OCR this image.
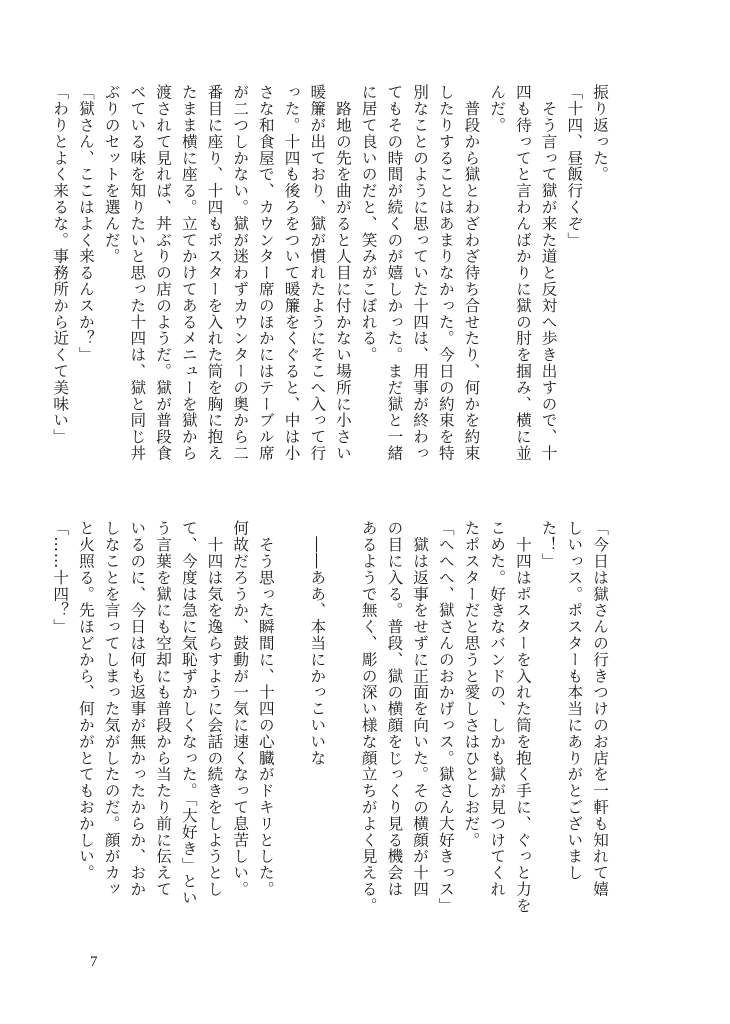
振り返った。
「十四、昼飯行くぞ」
　そう言って獄が来た道と反対へ歩き出すので、十
四も待ってと言わんばかりに獄の肘を掴み、横に並
んだ。
　普段から獄とわざわざ待ち合せたり、何かを約束
したりすることはあまりなかった。今日の約束を特
別なことのように思っていた十四は、用事が終わっ
てもその時間が続くのが嬉しかった。まだ獄と一緒
に居て良いのだと、笑みがこぼれる。
　路地の先を曲がると人目に付かない場所に小さい
暖簾が出ており、獄が慣れたようにそこへ入って行
った。十四も後ろをついて暖簾をくぐると、中は小
さな和食屋で、カウンター席のほかにはテーブル席
が二つしかない。獄が迷わずカウンターの奥から二
番目に座り、十四もポスターを入れた筒を胸に抱え
たまま横に座る。立てかけてあるメニューを獄から
渡されて見れば、丼ぶりの店のようだ。獄が普段食
べている味を知りたいと思った十四は、獄と同じ丼
ぶりのセットを選んだ。
「獄さん、ここはよく来るんスか？」
「わりとよく来るな。事務所から近くて美味い」
「今日は獄さんの行きつけのお店を一軒も知れて嬉
しいっス。ポスターも本当にありがとございまし
た！」
　十四はポスターを入れた筒を抱く手に、ぐっと力を
こめた。好きなバンドの、しかも獄が見つけてくれ
たポスターだと思うと愛しさはひとしおだ。
「へへへ、獄さんのおかげっス。獄さん大好きっス」
　獄は返事をせずに正面を向いた。その横顔が十四
の目に入る。普段、獄の横顔をじっくり見る機会は
あるようで無く、彫の深い様な顔立ちがよく見える。

　――ああ、本当にかっこいいな

　そう思った瞬間に、十四の心臓がドキリとした。
何故だろうか、鼓動が一気に速くなって息苦しい。
　十四は気を逸らすように会話の続きをしようとし
て、今度は急に気恥ずかしくなった。「大好き」とい
う言葉を獄にも空却にも普段から当たり前に伝えて
いるのに、今日は何も返事が無かったからか、おか
しなことを言ってしまった気がしたのだ。顔がカッ
と火照る。先ほどから、何かがとてもおかしい。
「……十四？」
7
